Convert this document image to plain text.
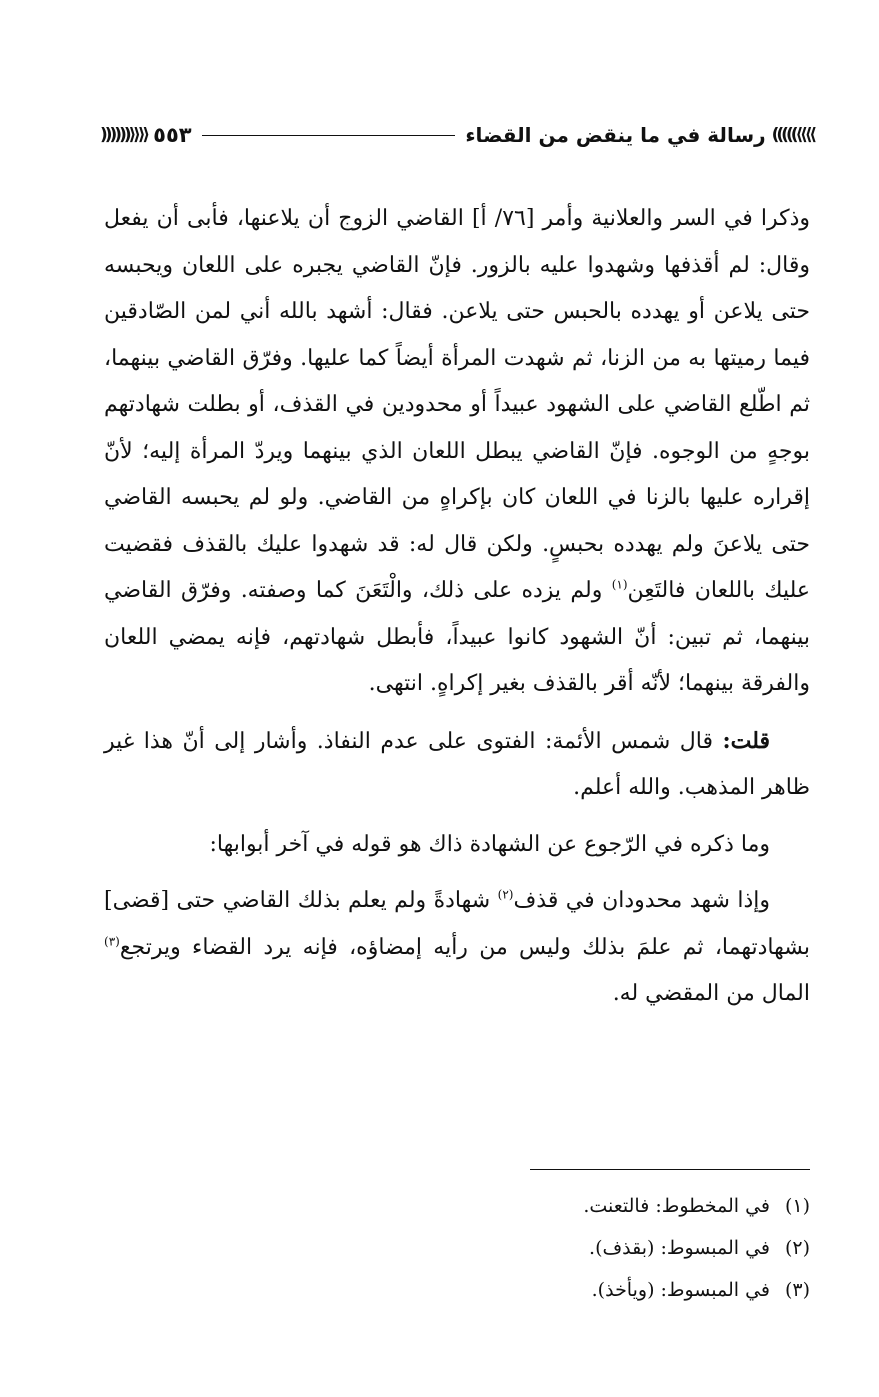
⟫⟫)))))
رسالة في ما ينقض من القضاء
٥٥٣
⟪⟪((((((

وذكرا في السر والعلانية وأمر [٧٦/ أ] القاضي الزوج أن يلاعنها، فأبى أن يفعل وقال: لم أقذفها وشهدوا عليه بالزور. فإنّ القاضي يجبره على اللعان ويحبسه حتى يلاعن أو يهدده بالحبس حتى يلاعن. فقال: أشهد بالله أني لمن الصّادقين فيما رميتها به من الزنا، ثم شهدت المرأة أيضاً كما عليها. وفرّق القاضي بينهما، ثم اطّلع القاضي على الشهود عبيداً أو محدودين في القذف، أو بطلت شهادتهم بوجهٍ من الوجوه. فإنّ القاضي يبطل اللعان الذي بينهما ويردّ المرأة إليه؛ لأنّ إقراره عليها بالزنا في اللعان كان بإكراهٍ من القاضي. ولو لم يحبسه القاضي حتى يلاعنَ ولم يهدده بحبسٍ. ولكن قال له: قد شهدوا عليك بالقذف فقضيت عليك باللعان فالتَعِن$^{(١)}$ ولم يزده على ذلك، والْتَعَنَ كما وصفته. وفرّق القاضي بينهما، ثم تبين: أنّ الشهود كانوا عبيداً، فأبطل شهادتهم، فإنه يمضي اللعان والفرقة بينهما؛ لأنّه أقر بالقذف بغير إكراهٍ. انتهى.

قلت: قال شمس الأئمة: الفتوى على عدم النفاذ. وأشار إلى أنّ هذا غير ظاهر المذهب. والله أعلم.

وما ذكره في الرّجوع عن الشهادة ذاك هو قوله في آخر أبوابها:

وإذا شهد محدودان في قذف$^{(٢)}$ شهادةً ولم يعلم بذلك القاضي حتى [قضى] بشهادتهما، ثم علمَ بذلك وليس من رأيه إمضاؤه، فإنه يرد القضاء ويرتجع$^{(٣)}$ المال من المقضي له.

(١)
في المخطوط: فالتعنت.
(٢)
في المبسوط: (بقذف).
(٣)
في المبسوط: (ويأخذ).
